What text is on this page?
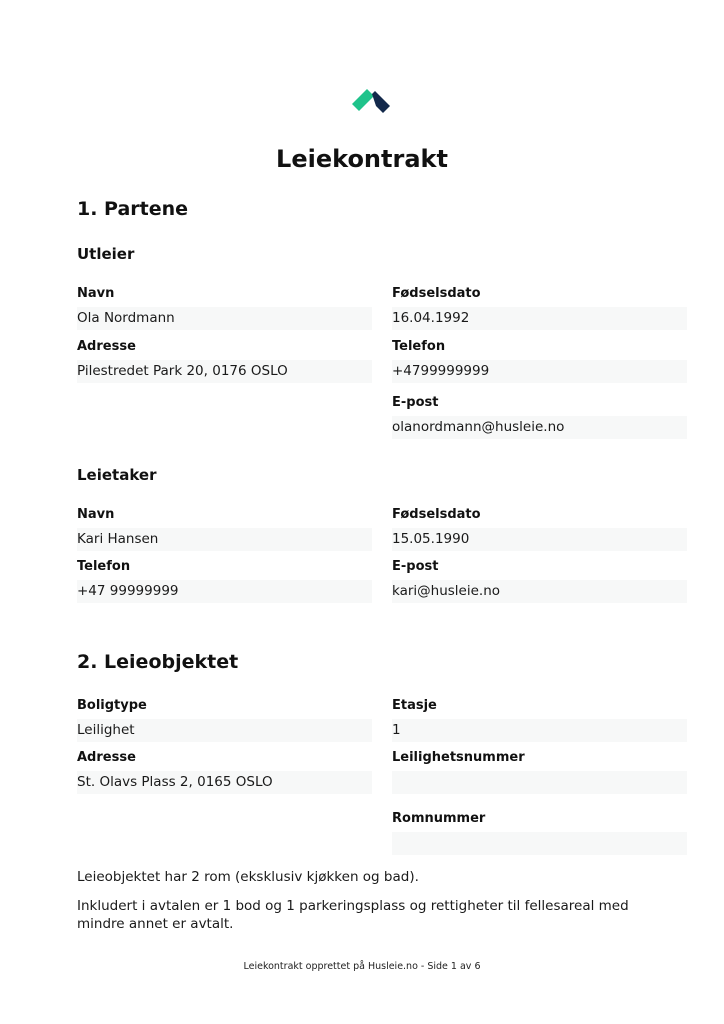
Leiekontrakt
1. Partene
Utleier
Navn
Ola Nordmann
Fødselsdato
16.04.1992
Adresse
Pilestredet Park 20, 0176 OSLO
Telefon
+4799999999
E-post
olanordmann@husleie.no
Leietaker
Navn
Kari Hansen
Fødselsdato
15.05.1990
Telefon
+47 99999999
E-post
kari@husleie.no
2. Leieobjektet
Boligtype
Leilighet
Etasje
1
Adresse
St. Olavs Plass 2, 0165 OSLO
Leilighetsnummer
Romnummer
Leieobjektet har 2 rom (eksklusiv kjøkken og bad).
Inkludert i avtalen er 1 bod og 1 parkeringsplass og rettigheter til fellesareal med mindre annet er avtalt.
Leiekontrakt opprettet på Husleie.no - Side 1 av 6
